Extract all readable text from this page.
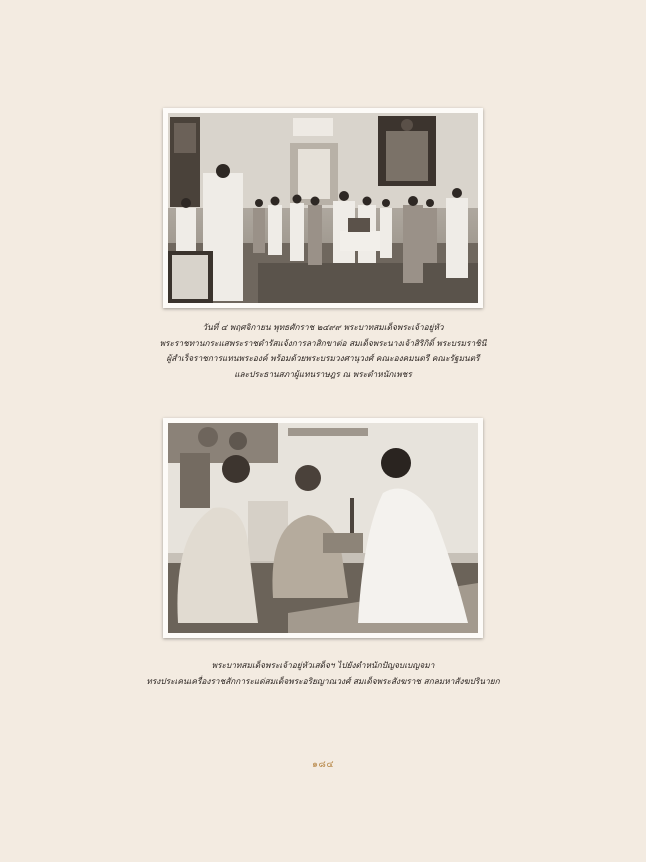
วันที่ ๔ พฤศจิกายน พุทธศักราช ๒๔๙๙ พระบาทสมเด็จพระเจ้าอยู่หัว
พระราชทานกระแสพระราชดำรัสแจ้งการลาสิกขาต่อ สมเด็จพระนางเจ้าสิริกิติ์ พระบรมราชินี
ผู้สำเร็จราชการแทนพระองค์ พร้อมด้วยพระบรมวงศานุวงศ์ คณะองคมนตรี คณะรัฐมนตรี
และประธานสภาผู้แทนราษฎร ณ พระตำหนักเพชร
พระบาทสมเด็จพระเจ้าอยู่หัวเสด็จฯ ไปยังตำหนักปัญจบเบญจมา
ทรงประเคนเครื่องราชสักการะแด่สมเด็จพระอริยญาณวงศ์ สมเด็จพระสังฆราช สกลมหาสังฆปรินายก
๑๘๔
